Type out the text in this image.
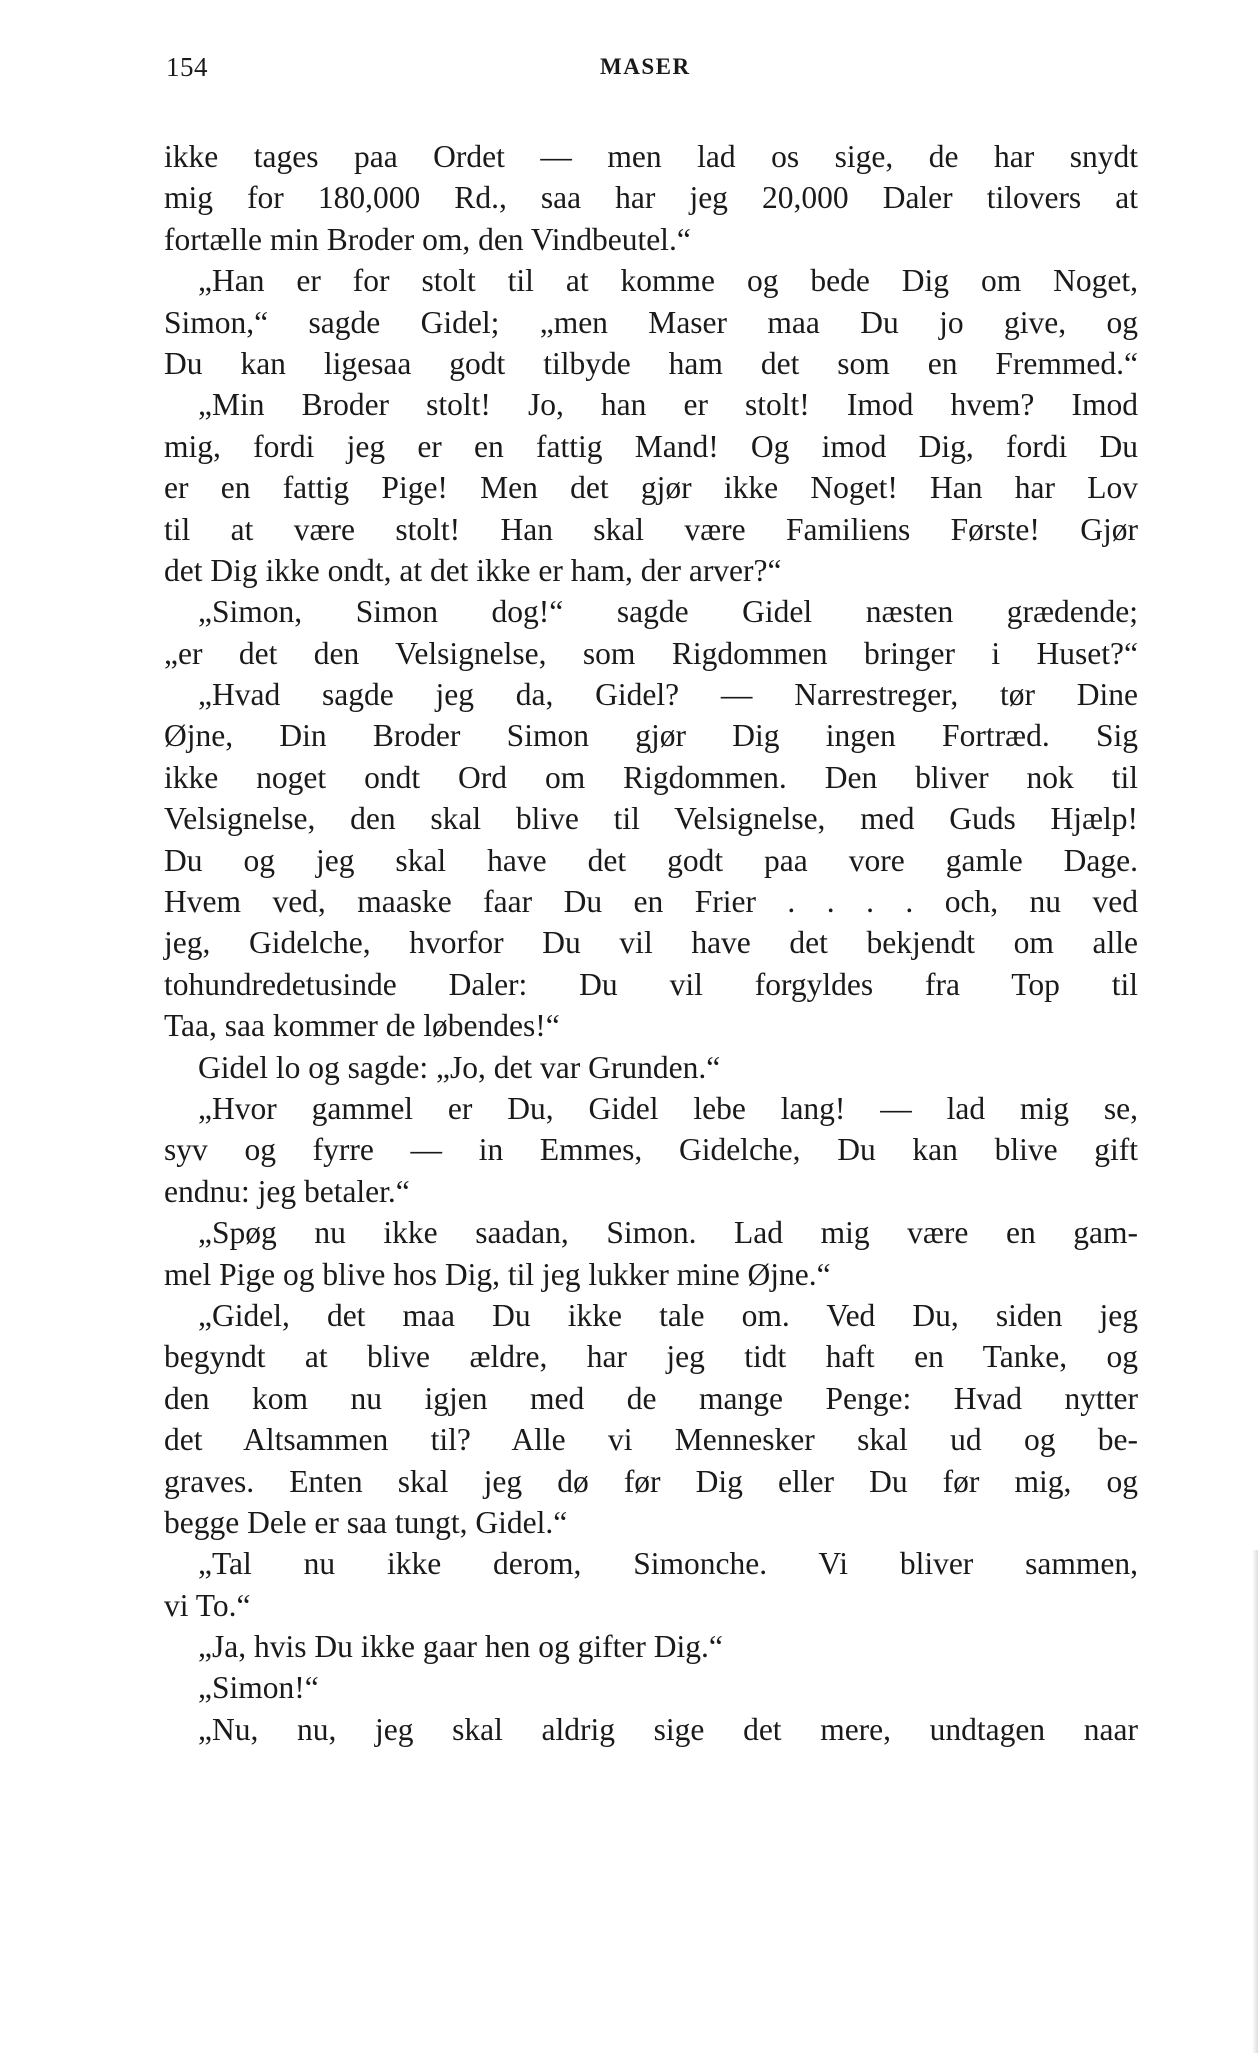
154	MASER
ikke tages paa Ordet — men lad os sige, de har snydt
mig for 180,000 Rd., saa har jeg 20,000 Daler tilovers at
fortælle min Broder om, den Vindbeutel.“
„Han er for stolt til at komme og bede Dig om Noget,
Simon,“ sagde Gidel; „men Maser maa Du jo give, og
Du kan ligesaa godt tilbyde ham det som en Fremmed.“
„Min Broder stolt! Jo, han er stolt! Imod hvem? Imod
mig, fordi jeg er en fattig Mand! Og imod Dig, fordi Du
er en fattig Pige! Men det gjør ikke Noget! Han har Lov
til at være stolt! Han skal være Familiens Første! Gjør
det Dig ikke ondt, at det ikke er ham, der arver?“
„Simon, Simon dog!“ sagde Gidel næsten grædende;
„er det den Velsignelse, som Rigdommen bringer i Huset?“
„Hvad sagde jeg da, Gidel? — Narrestreger, tør Dine
Øjne, Din Broder Simon gjør Dig ingen Fortræd. Sig
ikke noget ondt Ord om Rigdommen. Den bliver nok til
Velsignelse, den skal blive til Velsignelse, med Guds Hjælp!
Du og jeg skal have det godt paa vore gamle Dage.
Hvem ved, maaske faar Du en Frier . . . . och, nu ved
jeg, Gidelche, hvorfor Du vil have det bekjendt om alle
tohundredetusinde Daler: Du vil forgyldes fra Top til
Taa, saa kommer de løbendes!“
Gidel lo og sagde: „Jo, det var Grunden.“
„Hvor gammel er Du, Gidel lebe lang! — lad mig se,
syv og fyrre — in Emmes, Gidelche, Du kan blive gift
endnu: jeg betaler.“
„Spøg nu ikke saadan, Simon. Lad mig være en gam-
mel Pige og blive hos Dig, til jeg lukker mine Øjne.“
„Gidel, det maa Du ikke tale om. Ved Du, siden jeg
begyndt at blive ældre, har jeg tidt haft en Tanke, og
den kom nu igjen med de mange Penge: Hvad nytter
det Altsammen til? Alle vi Mennesker skal ud og be-
graves. Enten skal jeg dø før Dig eller Du før mig, og
begge Dele er saa tungt, Gidel.“
„Tal nu ikke derom, Simonche. Vi bliver sammen,
vi To.“
„Ja, hvis Du ikke gaar hen og gifter Dig.“
„Simon!“
„Nu, nu, jeg skal aldrig sige det mere, undtagen naar
